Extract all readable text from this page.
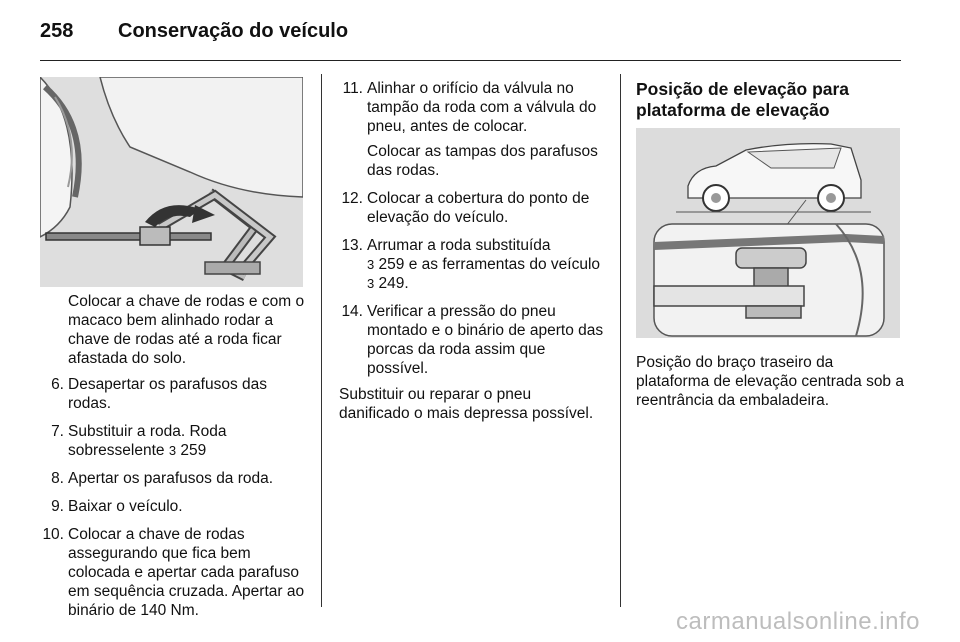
258 Conservação do veículo

Colocar a chave de rodas e com o macaco bem alinhado rodar a chave de rodas até a roda ficar afastada do solo.

6. Desapertar os parafusos das rodas.
7. Substituir a roda. Roda sobresselente 3 259
8. Apertar os parafusos da roda.
9. Baixar o veículo.
10. Colocar a chave de rodas assegurando que fica bem colocada e apertar cada parafuso em sequência cruzada. Apertar ao binário de 140 Nm.
11. Alinhar o orifício da válvula no tampão da roda com a válvula do pneu, antes de colocar.
Colocar as tampas dos parafusos das rodas.
12. Colocar a cobertura do ponto de elevação do veículo.
13. Arrumar a roda substituída
3 259 e as ferramentas do veículo 3 249.
14. Verificar a pressão do pneu montado e o binário de aperto das porcas da roda assim que possível.

Substituir ou reparar o pneu danificado o mais depressa possível.

Posição de elevação para plataforma de elevação

Posição do braço traseiro da plataforma de elevação centrada sob a reentrância da embaladeira.

carmanualsonline.info
